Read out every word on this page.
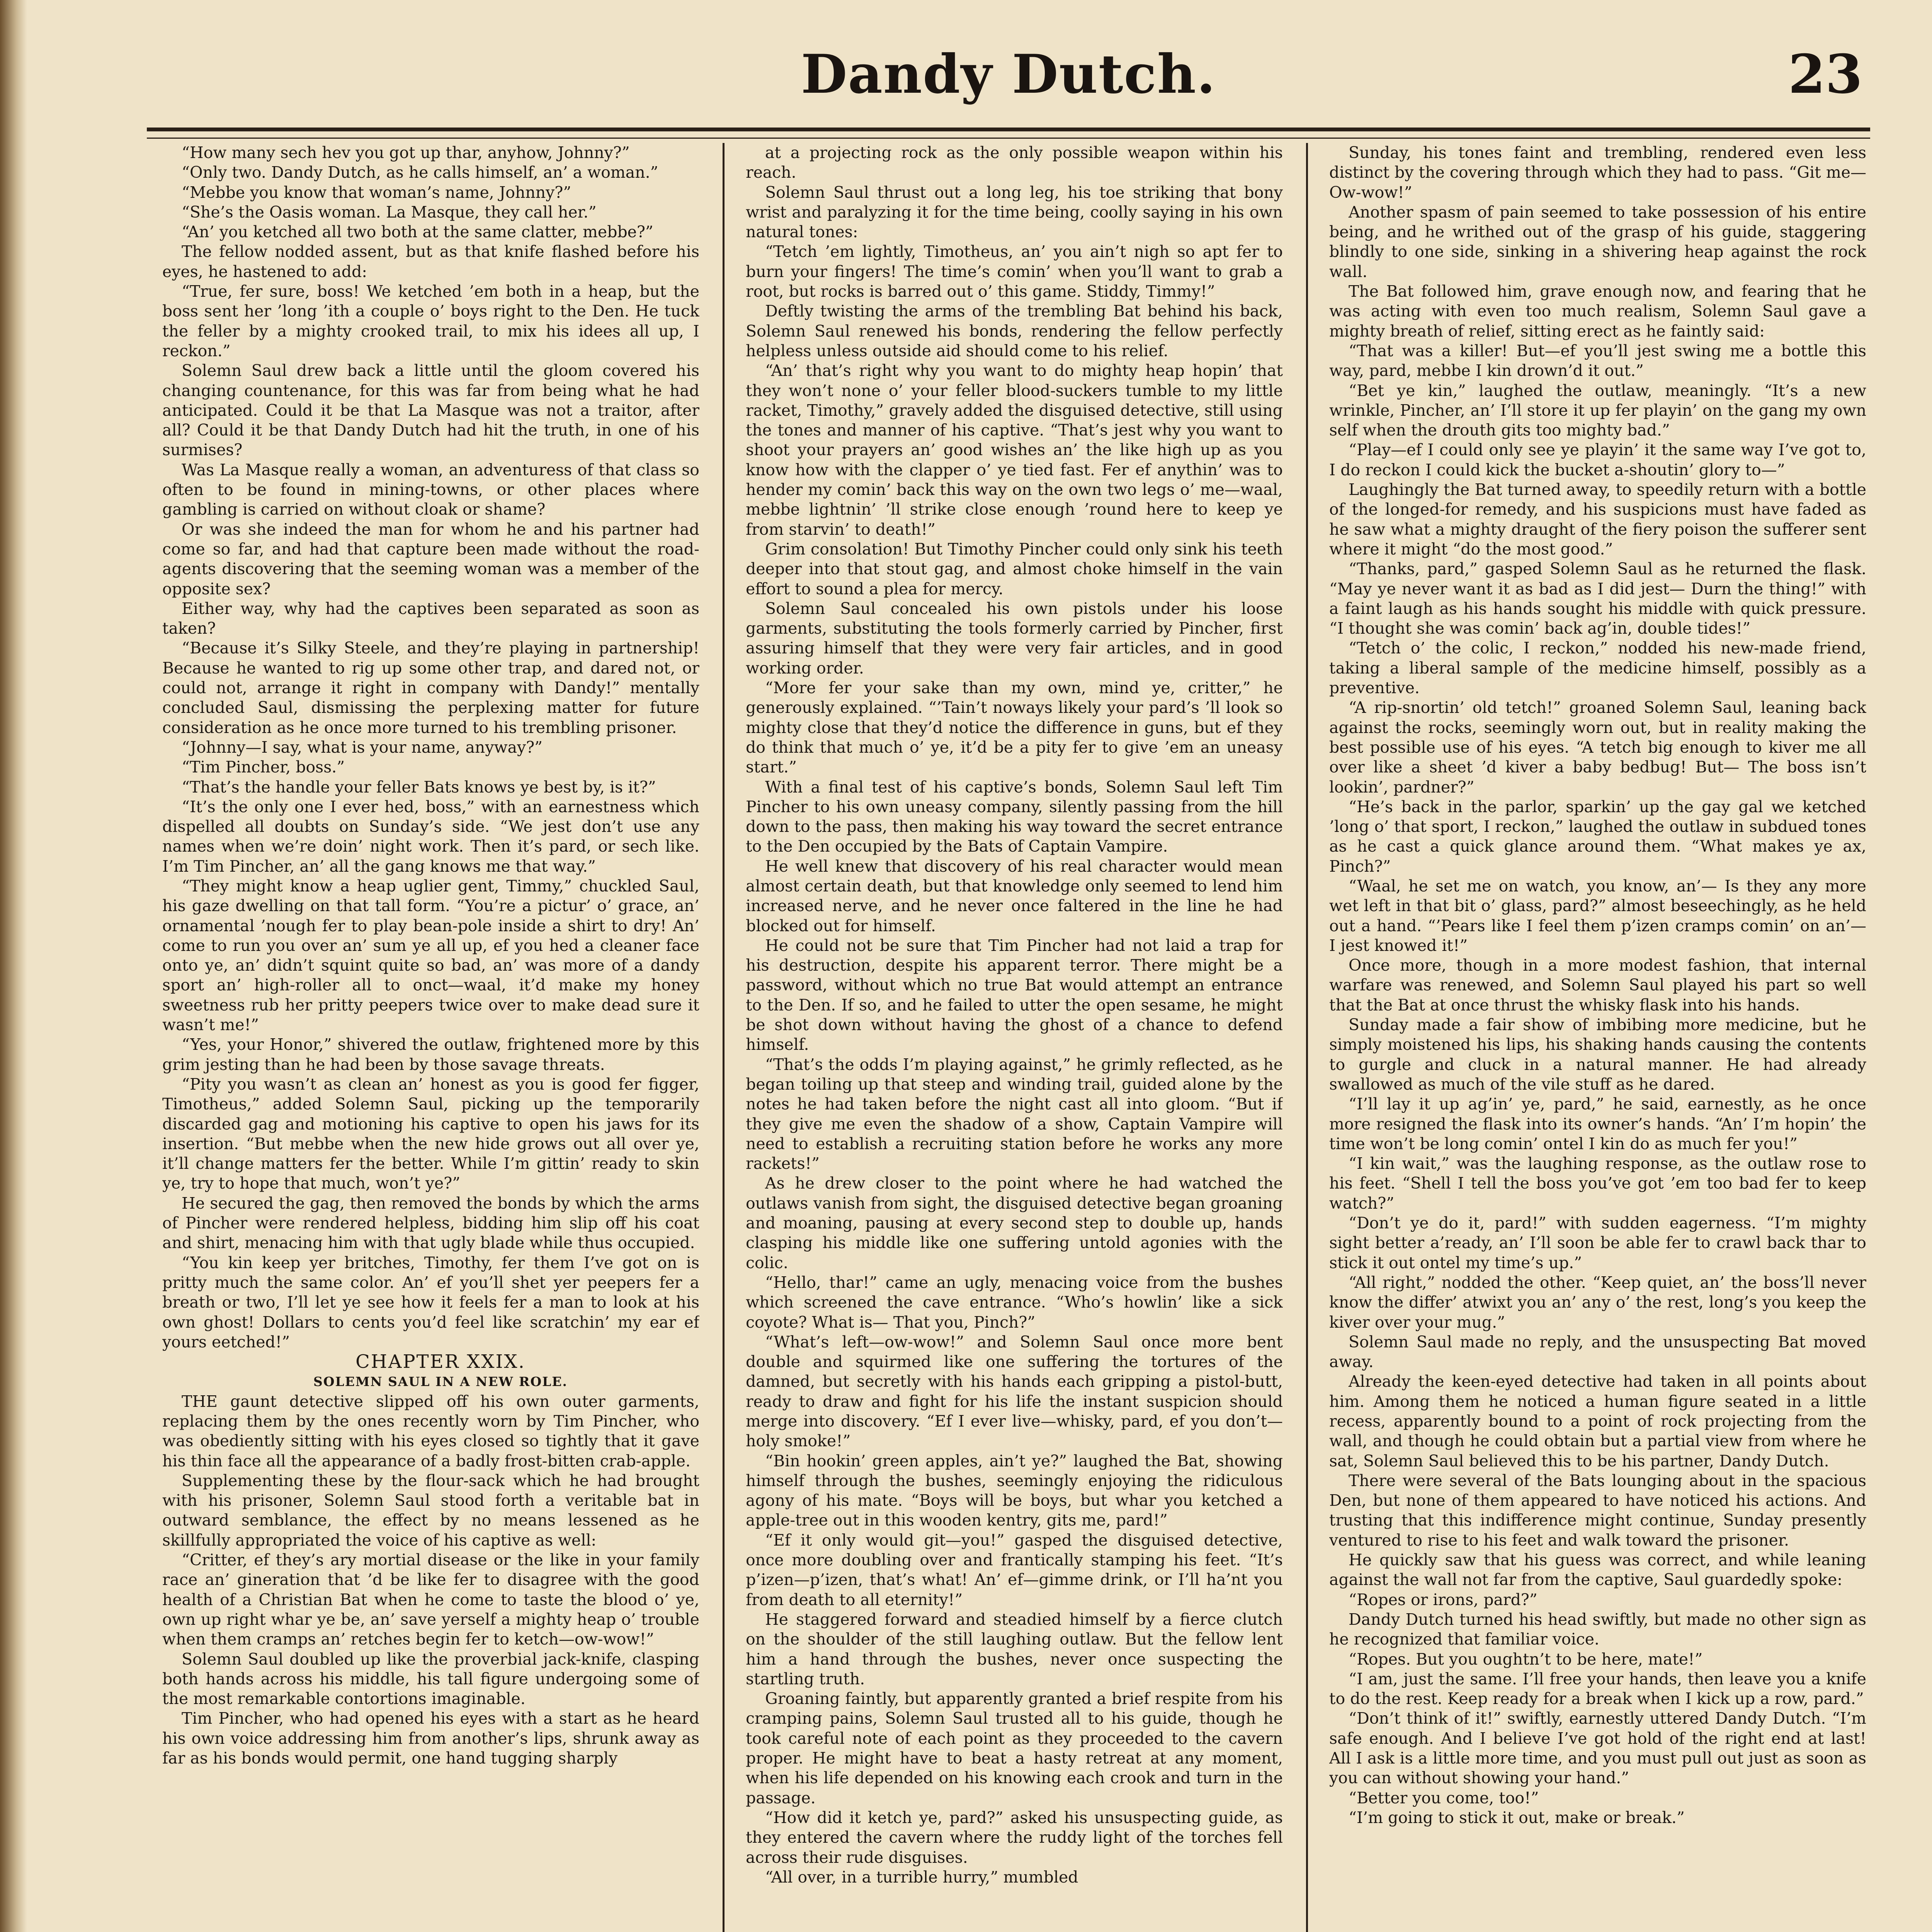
Dandy Dutch.	23

“How many sech hev you got up thar, anyhow, Johnny?”

“Only two. Dandy Dutch, as he calls himself, an’ a woman.”

“Mebbe you know that woman’s name, Johnny?”

“She’s the Oasis woman. La Masque, they call her.”

“An’ you ketched all two both at the same clatter, mebbe?”

The fellow nodded assent, but as that knife flashed before his eyes, he hastened to add:

“True, fer sure, boss! We ketched ’em both in a heap, but the boss sent her ’long ’ith a couple o’ boys right to the Den. He tuck the feller by a mighty crooked trail, to mix his idees all up, I reckon.”

Solemn Saul drew back a little until the gloom covered his changing countenance, for this was far from being what he had anticipated. Could it be that La Masque was not a traitor, after all? Could it be that Dandy Dutch had hit the truth, in one of his surmises?

Was La Masque really a woman, an adventuress of that class so often to be found in mining-towns, or other places where gambling is carried on without cloak or shame?

Or was she indeed the man for whom he and his partner had come so far, and had that capture been made without the road-agents discovering that the seeming woman was a member of the opposite sex?

Either way, why had the captives been separated as soon as taken?

“Because it’s Silky Steele, and they’re playing in partnership! Because he wanted to rig up some other trap, and dared not, or could not, arrange it right in company with Dandy!” mentally concluded Saul, dismissing the perplexing matter for future consideration as he once more turned to his trembling prisoner.

“Johnny—I say, what is your name, anyway?”

“Tim Pincher, boss.”

“That’s the handle your feller Bats knows ye best by, is it?”

“It’s the only one I ever hed, boss,” with an earnestness which dispelled all doubts on Sunday’s side. “We jest don’t use any names when we’re doin’ night work. Then it’s pard, or sech like. I’m Tim Pincher, an’ all the gang knows me that way.”

“They might know a heap uglier gent, Timmy,” chuckled Saul, his gaze dwelling on that tall form. “You’re a pictur’ o’ grace, an’ ornamental ’nough fer to play bean-pole inside a shirt to dry! An’ come to run you over an’ sum ye all up, ef you hed a cleaner face onto ye, an’ didn’t squint quite so bad, an’ was more of a dandy sport an’ high-roller all to onct—waal, it’d make my honey sweetness rub her pritty peepers twice over to make dead sure it wasn’t me!”

“Yes, your Honor,” shivered the outlaw, frightened more by this grim jesting than he had been by those savage threats.

“Pity you wasn’t as clean an’ honest as you is good fer figger, Timotheus,” added Solemn Saul, picking up the temporarily discarded gag and motioning his captive to open his jaws for its insertion. “But mebbe when the new hide grows out all over ye, it’ll change matters fer the better. While I’m gittin’ ready to skin ye, try to hope that much, won’t ye?”

He secured the gag, then removed the bonds by which the arms of Pincher were rendered helpless, bidding him slip off his coat and shirt, menacing him with that ugly blade while thus occupied.

“You kin keep yer britches, Timothy, fer them I’ve got on is pritty much the same color. An’ ef you’ll shet yer peepers fer a breath or two, I’ll let ye see how it feels fer a man to look at his own ghost! Dollars to cents you’d feel like scratchin’ my ear ef yours eetched!”

CHAPTER XXIX.

SOLEMN SAUL IN A NEW ROLE.

THE gaunt detective slipped off his own outer garments, replacing them by the ones recently worn by Tim Pincher, who was obediently sitting with his eyes closed so tightly that it gave his thin face all the appearance of a badly frost-bitten crab-apple.

Supplementing these by the flour-sack which he had brought with his prisoner, Solemn Saul stood forth a veritable bat in outward semblance, the effect by no means lessened as he skillfully appropriated the voice of his captive as well:

“Critter, ef they’s ary mortial disease or the like in your family race an’ gineration that ’d be like fer to disagree with the good health of a Christian Bat when he come to taste the blood o’ ye, own up right whar ye be, an’ save yerself a mighty heap o’ trouble when them cramps an’ retches begin fer to ketch—ow-wow!”

Solemn Saul doubled up like the proverbial jack-knife, clasping both hands across his middle, his tall figure undergoing some of the most remarkable contortions imaginable.

Tim Pincher, who had opened his eyes with a start as he heard his own voice addressing him from another’s lips, shrunk away as far as his bonds would permit, one hand tugging sharply

at a projecting rock as the only possible weapon within his reach.

Solemn Saul thrust out a long leg, his toe striking that bony wrist and paralyzing it for the time being, coolly saying in his own natural tones:

“Tetch ’em lightly, Timotheus, an’ you ain’t nigh so apt fer to burn your fingers! The time’s comin’ when you’ll want to grab a root, but rocks is barred out o’ this game. Stiddy, Timmy!”

Deftly twisting the arms of the trembling Bat behind his back, Solemn Saul renewed his bonds, rendering the fellow perfectly helpless unless outside aid should come to his relief.

“An’ that’s right why you want to do mighty heap hopin’ that they won’t none o’ your feller blood-suckers tumble to my little racket, Timothy,” gravely added the disguised detective, still using the tones and manner of his captive. “That’s jest why you want to shoot your prayers an’ good wishes an’ the like high up as you know how with the clapper o’ ye tied fast. Fer ef anythin’ was to hender my comin’ back this way on the own two legs o’ me—waal, mebbe lightnin’ ’ll strike close enough ’round here to keep ye from starvin’ to death!”

Grim consolation! But Timothy Pincher could only sink his teeth deeper into that stout gag, and almost choke himself in the vain effort to sound a plea for mercy.

Solemn Saul concealed his own pistols under his loose garments, substituting the tools formerly carried by Pincher, first assuring himself that they were very fair articles, and in good working order.

“More fer your sake than my own, mind ye, critter,” he generously explained. “’Tain’t noways likely your pard’s ’ll look so mighty close that they’d notice the difference in guns, but ef they do think that much o’ ye, it’d be a pity fer to give ’em an uneasy start.”

With a final test of his captive’s bonds, Solemn Saul left Tim Pincher to his own uneasy company, silently passing from the hill down to the pass, then making his way toward the secret entrance to the Den occupied by the Bats of Captain Vampire.

He well knew that discovery of his real character would mean almost certain death, but that knowledge only seemed to lend him increased nerve, and he never once faltered in the line he had blocked out for himself.

He could not be sure that Tim Pincher had not laid a trap for his destruction, despite his apparent terror. There might be a password, without which no true Bat would attempt an entrance to the Den. If so, and he failed to utter the open sesame, he might be shot down without having the ghost of a chance to defend himself.

“That’s the odds I’m playing against,” he grimly reflected, as he began toiling up that steep and winding trail, guided alone by the notes he had taken before the night cast all into gloom. “But if they give me even the shadow of a show, Captain Vampire will need to establish a recruiting station before he works any more rackets!”

As he drew closer to the point where he had watched the outlaws vanish from sight, the disguised detective began groaning and moaning, pausing at every second step to double up, hands clasping his middle like one suffering untold agonies with the colic.

“Hello, thar!” came an ugly, menacing voice from the bushes which screened the cave entrance. “Who’s howlin’ like a sick coyote? What is— That you, Pinch?”

“What’s left—ow-wow!” and Solemn Saul once more bent double and squirmed like one suffering the tortures of the damned, but secretly with his hands each gripping a pistol-butt, ready to draw and fight for his life the instant suspicion should merge into discovery. “Ef I ever live—whisky, pard, ef you don’t—holy smoke!”

“Bin hookin’ green apples, ain’t ye?” laughed the Bat, showing himself through the bushes, seemingly enjoying the ridiculous agony of his mate. “Boys will be boys, but whar you ketched a apple-tree out in this wooden kentry, gits me, pard!”

“Ef it only would git—you!” gasped the disguised detective, once more doubling over and frantically stamping his feet. “It’s p’izen—p’izen, that’s what! An’ ef—gimme drink, or I’ll ha’nt you from death to all eternity!”

He staggered forward and steadied himself by a fierce clutch on the shoulder of the still laughing outlaw. But the fellow lent him a hand through the bushes, never once suspecting the startling truth.

Groaning faintly, but apparently granted a brief respite from his cramping pains, Solemn Saul trusted all to his guide, though he took careful note of each point as they proceeded to the cavern proper. He might have to beat a hasty retreat at any moment, when his life depended on his knowing each crook and turn in the passage.

“How did it ketch ye, pard?” asked his unsuspecting guide, as they entered the cavern where the ruddy light of the torches fell across their rude disguises.

“All over, in a turrible hurry,” mumbled

Sunday, his tones faint and trembling, rendered even less distinct by the covering through which they had to pass. “Git me— Ow-wow!”

Another spasm of pain seemed to take possession of his entire being, and he writhed out of the grasp of his guide, staggering blindly to one side, sinking in a shivering heap against the rock wall.

The Bat followed him, grave enough now, and fearing that he was acting with even too much realism, Solemn Saul gave a mighty breath of relief, sitting erect as he faintly said:

“That was a killer! But—ef you’ll jest swing me a bottle this way, pard, mebbe I kin drown’d it out.”

“Bet ye kin,” laughed the outlaw, meaningly. “It’s a new wrinkle, Pincher, an’ I’ll store it up fer playin’ on the gang my own self when the drouth gits too mighty bad.”

“Play—ef I could only see ye playin’ it the same way I’ve got to, I do reckon I could kick the bucket a-shoutin’ glory to—”

Laughingly the Bat turned away, to speedily return with a bottle of the longed-for remedy, and his suspicions must have faded as he saw what a mighty draught of the fiery poison the sufferer sent where it might “do the most good.”

“Thanks, pard,” gasped Solemn Saul as he returned the flask. “May ye never want it as bad as I did jest— Durn the thing!” with a faint laugh as his hands sought his middle with quick pressure. “I thought she was comin’ back ag’in, double tides!”

“Tetch o’ the colic, I reckon,” nodded his new-made friend, taking a liberal sample of the medicine himself, possibly as a preventive.

“A rip-snortin’ old tetch!” groaned Solemn Saul, leaning back against the rocks, seemingly worn out, but in reality making the best possible use of his eyes. “A tetch big enough to kiver me all over like a sheet ’d kiver a baby bedbug! But— The boss isn’t lookin’, pardner?”

“He’s back in the parlor, sparkin’ up the gay gal we ketched ’long o’ that sport, I reckon,” laughed the outlaw in subdued tones as he cast a quick glance around them. “What makes ye ax, Pinch?”

“Waal, he set me on watch, you know, an’— Is they any more wet left in that bit o’ glass, pard?” almost beseechingly, as he held out a hand. “’Pears like I feel them p’izen cramps comin’ on an’— I jest knowed it!”

Once more, though in a more modest fashion, that internal warfare was renewed, and Solemn Saul played his part so well that the Bat at once thrust the whisky flask into his hands.

Sunday made a fair show of imbibing more medicine, but he simply moistened his lips, his shaking hands causing the contents to gurgle and cluck in a natural manner. He had already swallowed as much of the vile stuff as he dared.

“I’ll lay it up ag’in’ ye, pard,” he said, earnestly, as he once more resigned the flask into its owner’s hands. “An’ I’m hopin’ the time won’t be long comin’ ontel I kin do as much fer you!”

“I kin wait,” was the laughing response, as the outlaw rose to his feet. “Shell I tell the boss you’ve got ’em too bad fer to keep watch?”

“Don’t ye do it, pard!” with sudden eagerness. “I’m mighty sight better a’ready, an’ I’ll soon be able fer to crawl back thar to stick it out ontel my time’s up.”

“All right,” nodded the other. “Keep quiet, an’ the boss’ll never know the differ’ atwixt you an’ any o’ the rest, long’s you keep the kiver over your mug.”

Solemn Saul made no reply, and the unsuspecting Bat moved away.

Already the keen-eyed detective had taken in all points about him. Among them he noticed a human figure seated in a little recess, apparently bound to a point of rock projecting from the wall, and though he could obtain but a partial view from where he sat, Solemn Saul believed this to be his partner, Dandy Dutch.

There were several of the Bats lounging about in the spacious Den, but none of them appeared to have noticed his actions. And trusting that this indifference might continue, Sunday presently ventured to rise to his feet and walk toward the prisoner.

He quickly saw that his guess was correct, and while leaning against the wall not far from the captive, Saul guardedly spoke:

“Ropes or irons, pard?”

Dandy Dutch turned his head swiftly, but made no other sign as he recognized that familiar voice.

“Ropes. But you oughtn’t to be here, mate!”

“I am, just the same. I’ll free your hands, then leave you a knife to do the rest. Keep ready for a break when I kick up a row, pard.”

“Don’t think of it!” swiftly, earnestly uttered Dandy Dutch. “I’m safe enough. And I believe I’ve got hold of the right end at last! All I ask is a little more time, and you must pull out just as soon as you can without showing your hand.”

“Better you come, too!”

“I’m going to stick it out, make or break.”
